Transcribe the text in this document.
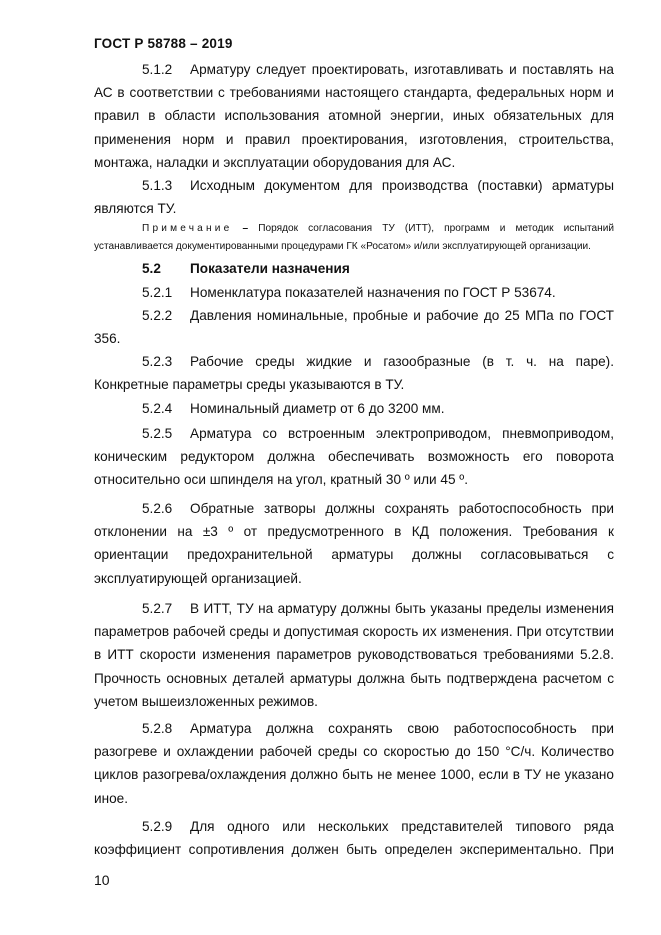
ГОСТ Р 58788 – 2019
5.1.2 Арматуру следует проектировать, изготавливать и поставлять на АС в соответствии с требованиями настоящего стандарта, федеральных норм и правил в области использования атомной энергии, иных обязательных для применения норм и правил проектирования, изготовления, строительства, монтажа, наладки и эксплуатации оборудования для АС.
5.1.3 Исходным документом для производства (поставки) арматуры являются ТУ.
Примечание – Порядок согласования ТУ (ИТТ), программ и методик испытаний устанавливается документированными процедурами ГК «Росатом» и/или эксплуатирующей организации.
5.2 Показатели назначения
5.2.1 Номенклатура показателей назначения по ГОСТ Р 53674.
5.2.2 Давления номинальные, пробные и рабочие до 25 МПа по ГОСТ 356.
5.2.3 Рабочие среды жидкие и газообразные (в т. ч. на паре). Конкретные параметры среды указываются в ТУ.
5.2.4 Номинальный диаметр от 6 до 3200 мм.
5.2.5 Арматура со встроенным электроприводом, пневмоприводом, коническим редуктором должна обеспечивать возможность его поворота относительно оси шпинделя на угол, кратный 30 º или 45 º.
5.2.6 Обратные затворы должны сохранять работоспособность при отклонении на ±3 º от предусмотренного в КД положения. Требования к ориентации предохранительной арматуры должны согласовываться с эксплуатирующей организацией.
5.2.7 В ИТТ, ТУ на арматуру должны быть указаны пределы изменения параметров рабочей среды и допустимая скорость их изменения. При отсутствии в ИТТ скорости изменения параметров руководствоваться требованиями 5.2.8. Прочность основных деталей арматуры должна быть подтверждена расчетом с учетом вышеизложенных режимов.
5.2.8 Арматура должна сохранять свою работоспособность при разогреве и охлаждении рабочей среды со скоростью до 150 °С/ч. Количество циклов разогрева/охлаждения должно быть не менее 1000, если в ТУ не указано иное.
5.2.9 Для одного или нескольких представителей типового ряда коэффициент сопротивления должен быть определен экспериментально. При
10
